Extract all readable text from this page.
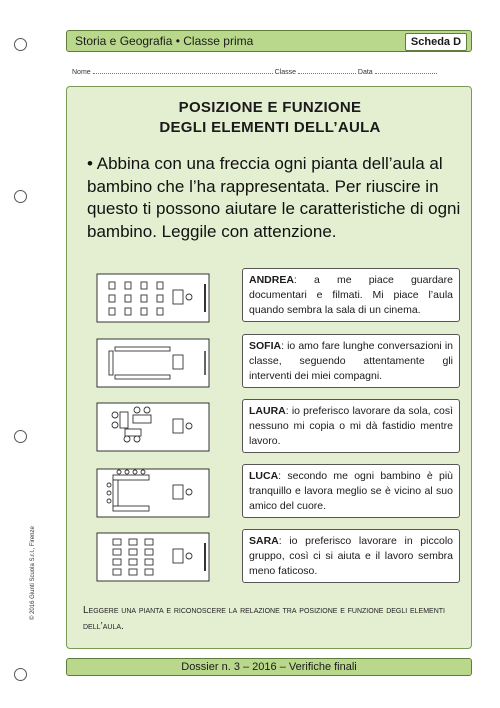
Storia e Geografia • Classe prima	Scheda D
Nome	Classe	Data
POSIZIONE E FUNZIONE
DEGLI ELEMENTI DELL’AULA
• Abbina con una freccia ogni pianta dell’aula al bambino che l’ha rappresentata. Per riuscire in questo ti possono aiutare le caratteristiche di ogni bambino. Leggile con attenzione.
ANDREA: a me piace guardare documentari e filmati. Mi piace l’aula quando sembra la sala di un cinema.
SOFIA: io amo fare lunghe conversazioni in classe, seguendo attentamente gli interventi dei miei compagni.
LAURA: io preferisco lavorare da sola, così nessuno mi copia o mi dà fastidio mentre lavoro.
LUCA: secondo me ogni bambino è più tranquillo e lavora meglio se è vicino al suo amico del cuore.
SARA: io preferisco lavorare in piccolo gruppo, così ci si aiuta e il lavoro sembra meno faticoso.
Leggere una pianta e riconoscere la relazione tra posizione e funzione degli elementi dell’aula.
© 2016 Giunti Scuola S.r.l., Firenze
Dossier n. 3 – 2016 – Verifiche finali
